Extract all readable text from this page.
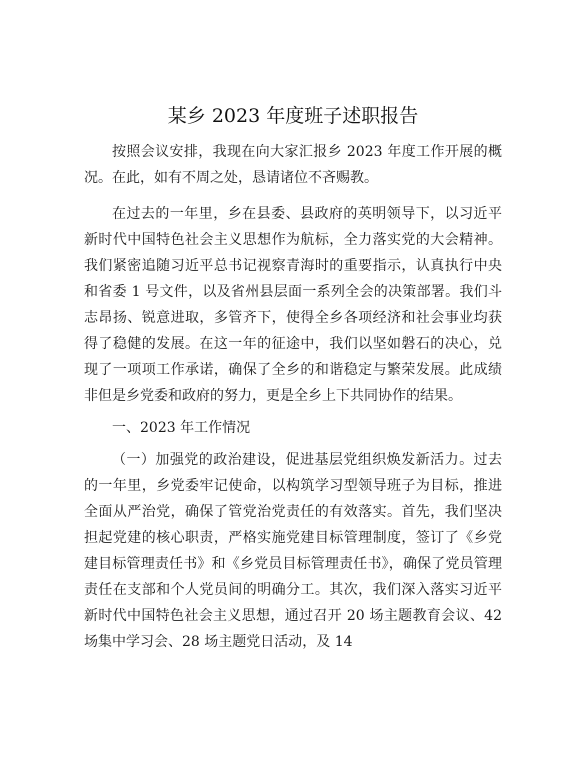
某乡 2023 年度班子述职报告

按照会议安排，我现在向大家汇报乡 2023 年度工作开展的概况。在此，如有不周之处，恳请诸位不吝赐教。

在过去的一年里，乡在县委、县政府的英明领导下，以习近平新时代中国特色社会主义思想作为航标，全力落实党的大会精神。我们紧密追随习近平总书记视察青海时的重要指示，认真执行中央和省委 1 号文件，以及省州县层面一系列全会的决策部署。我们斗志昂扬、锐意进取，多管齐下，使得全乡各项经济和社会事业均获得了稳健的发展。在这一年的征途中，我们以坚如磐石的决心，兑现了一项项工作承诺，确保了全乡的和谐稳定与繁荣发展。此成绩非但是乡党委和政府的努力，更是全乡上下共同协作的结果。

一、2023 年工作情况

（一）加强党的政治建设，促进基层党组织焕发新活力。过去的一年里，乡党委牢记使命，以构筑学习型领导班子为目标，推进全面从严治党，确保了管党治党责任的有效落实。首先，我们坚决担起党建的核心职责，严格实施党建目标管理制度，签订了《乡党建目标管理责任书》和《乡党员目标管理责任书》，确保了党员管理责任在支部和个人党员间的明确分工。其次，我们深入落实习近平新时代中国特色社会主义思想，通过召开 20 场主题教育会议、42 场集中学习会、28 场主题党日活动，及 14
